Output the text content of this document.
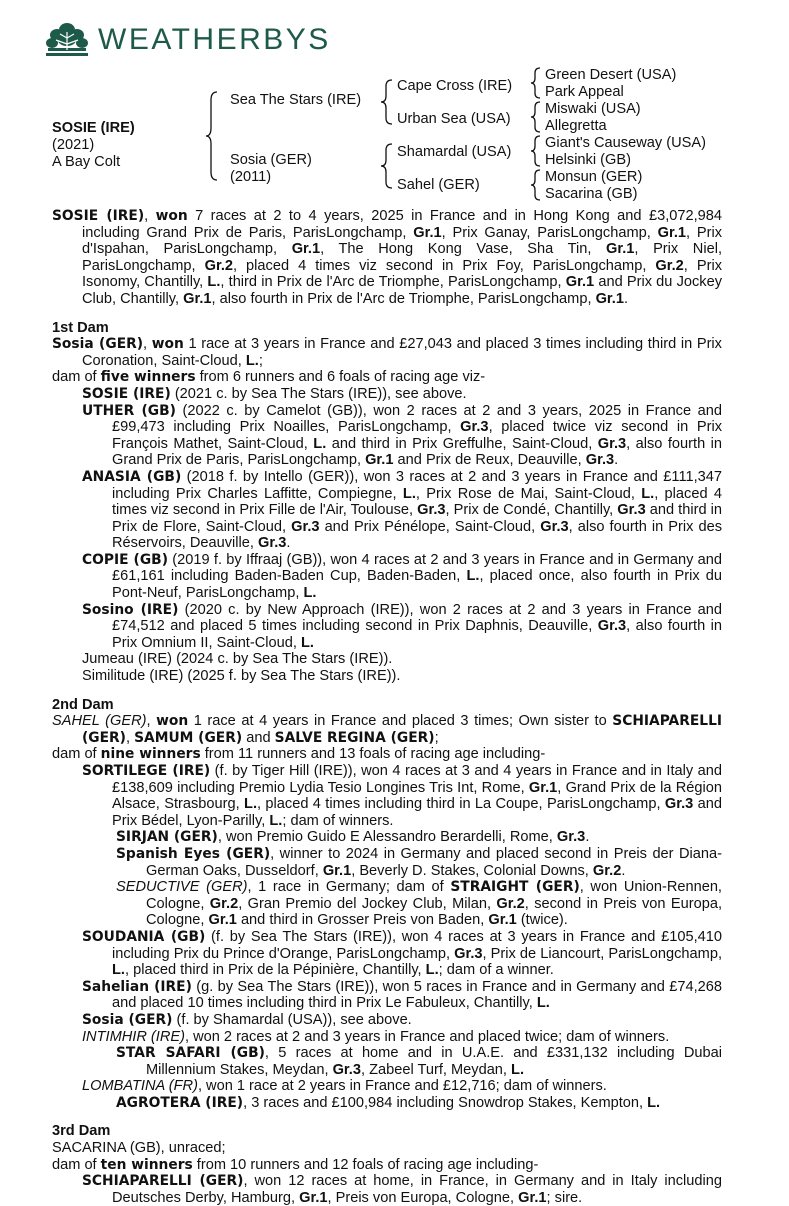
WEATHERBYS
SOSIE (IRE)
(2021)
A Bay Colt
Sea The Stars (IRE)
Sosia (GER)
(2011)
Cape Cross (IRE)
Urban Sea (USA)
Shamardal (USA)
Sahel (GER)
Green Desert (USA)
Park Appeal
Miswaki (USA)
Allegretta
Giant's Causeway (USA)
Helsinki (GB)
Monsun (GER)
Sacarina (GB)

SOSIE (IRE), won 7 races at 2 to 4 years, 2025 in France and in Hong Kong and £3,072,984 including Grand Prix de Paris, ParisLongchamp, Gr.1, Prix Ganay, ParisLongchamp, Gr.1, Prix d'Ispahan, ParisLongchamp, Gr.1, The Hong Kong Vase, Sha Tin, Gr.1, Prix Niel, ParisLongchamp, Gr.2, placed 4 times viz second in Prix Foy, ParisLongchamp, Gr.2, Prix Isonomy, Chantilly, L., third in Prix de l'Arc de Triomphe, ParisLongchamp, Gr.1 and Prix du Jockey Club, Chantilly, Gr.1, also fourth in Prix de l'Arc de Triomphe, ParisLongchamp, Gr.1.

1st Dam

Sosia (GER), won 1 race at 3 years in France and £27,043 and placed 3 times including third in Prix Coronation, Saint-Cloud, L.;

dam of five winners from 6 runners and 6 foals of racing age viz-

SOSIE (IRE) (2021 c. by Sea The Stars (IRE)), see above.

UTHER (GB) (2022 c. by Camelot (GB)), won 2 races at 2 and 3 years, 2025 in France and £99,473 including Prix Noailles, ParisLongchamp, Gr.3, placed twice viz second in Prix François Mathet, Saint-Cloud, L. and third in Prix Greffulhe, Saint-Cloud, Gr.3, also fourth in Grand Prix de Paris, ParisLongchamp, Gr.1 and Prix de Reux, Deauville, Gr.3.

ANASIA (GB) (2018 f. by Intello (GER)), won 3 races at 2 and 3 years in France and £111,347 including Prix Charles Laffitte, Compiegne, L., Prix Rose de Mai, Saint-Cloud, L., placed 4 times viz second in Prix Fille de l'Air, Toulouse, Gr.3, Prix de Condé, Chantilly, Gr.3 and third in Prix de Flore, Saint-Cloud, Gr.3 and Prix Pénélope, Saint-Cloud, Gr.3, also fourth in Prix des Réservoirs, Deauville, Gr.3.

COPIE (GB) (2019 f. by Iffraaj (GB)), won 4 races at 2 and 3 years in France and in Germany and £61,161 including Baden-Baden Cup, Baden-Baden, L., placed once, also fourth in Prix du Pont-Neuf, ParisLongchamp, L.

Sosino (IRE) (2020 c. by New Approach (IRE)), won 2 races at 2 and 3 years in France and £74,512 and placed 5 times including second in Prix Daphnis, Deauville, Gr.3, also fourth in Prix Omnium II, Saint-Cloud, L.

Jumeau (IRE) (2024 c. by Sea The Stars (IRE)).

Similitude (IRE) (2025 f. by Sea The Stars (IRE)).

2nd Dam

SAHEL (GER), won 1 race at 4 years in France and placed 3 times; Own sister to SCHIAPARELLI (GER), SAMUM (GER) and SALVE REGINA (GER);

dam of nine winners from 11 runners and 13 foals of racing age including-

SORTILEGE (IRE) (f. by Tiger Hill (IRE)), won 4 races at 3 and 4 years in France and in Italy and £138,609 including Premio Lydia Tesio Longines Tris Int, Rome, Gr.1, Grand Prix de la Région Alsace, Strasbourg, L., placed 4 times including third in La Coupe, ParisLongchamp, Gr.3 and Prix Bédel, Lyon-Parilly, L.; dam of winners.

SIRJAN (GER), won Premio Guido E Alessandro Berardelli, Rome, Gr.3.

Spanish Eyes (GER), winner to 2024 in Germany and placed second in Preis der Diana-German Oaks, Dusseldorf, Gr.1, Beverly D. Stakes, Colonial Downs, Gr.2.

SEDUCTIVE (GER), 1 race in Germany; dam of STRAIGHT (GER), won Union-Rennen, Cologne, Gr.2, Gran Premio del Jockey Club, Milan, Gr.2, second in Preis von Europa, Cologne, Gr.1 and third in Grosser Preis von Baden, Gr.1 (twice).

SOUDANIA (GB) (f. by Sea The Stars (IRE)), won 4 races at 3 years in France and £105,410 including Prix du Prince d'Orange, ParisLongchamp, Gr.3, Prix de Liancourt, ParisLongchamp, L., placed third in Prix de la Pépinière, Chantilly, L.; dam of a winner.

Sahelian (IRE) (g. by Sea The Stars (IRE)), won 5 races in France and in Germany and £74,268 and placed 10 times including third in Prix Le Fabuleux, Chantilly, L.

Sosia (GER) (f. by Shamardal (USA)), see above.

INTIMHIR (IRE), won 2 races at 2 and 3 years in France and placed twice; dam of winners.

STAR SAFARI (GB), 5 races at home and in U.A.E. and £331,132 including Dubai Millennium Stakes, Meydan, Gr.3, Zabeel Turf, Meydan, L.

LOMBATINA (FR), won 1 race at 2 years in France and £12,716; dam of winners.

AGROTERA (IRE), 3 races and £100,984 including Snowdrop Stakes, Kempton, L.

3rd Dam

SACARINA (GB), unraced;

dam of ten winners from 10 runners and 12 foals of racing age including-

SCHIAPARELLI (GER), won 12 races at home, in France, in Germany and in Italy including Deutsches Derby, Hamburg, Gr.1, Preis von Europa, Cologne, Gr.1; sire.
